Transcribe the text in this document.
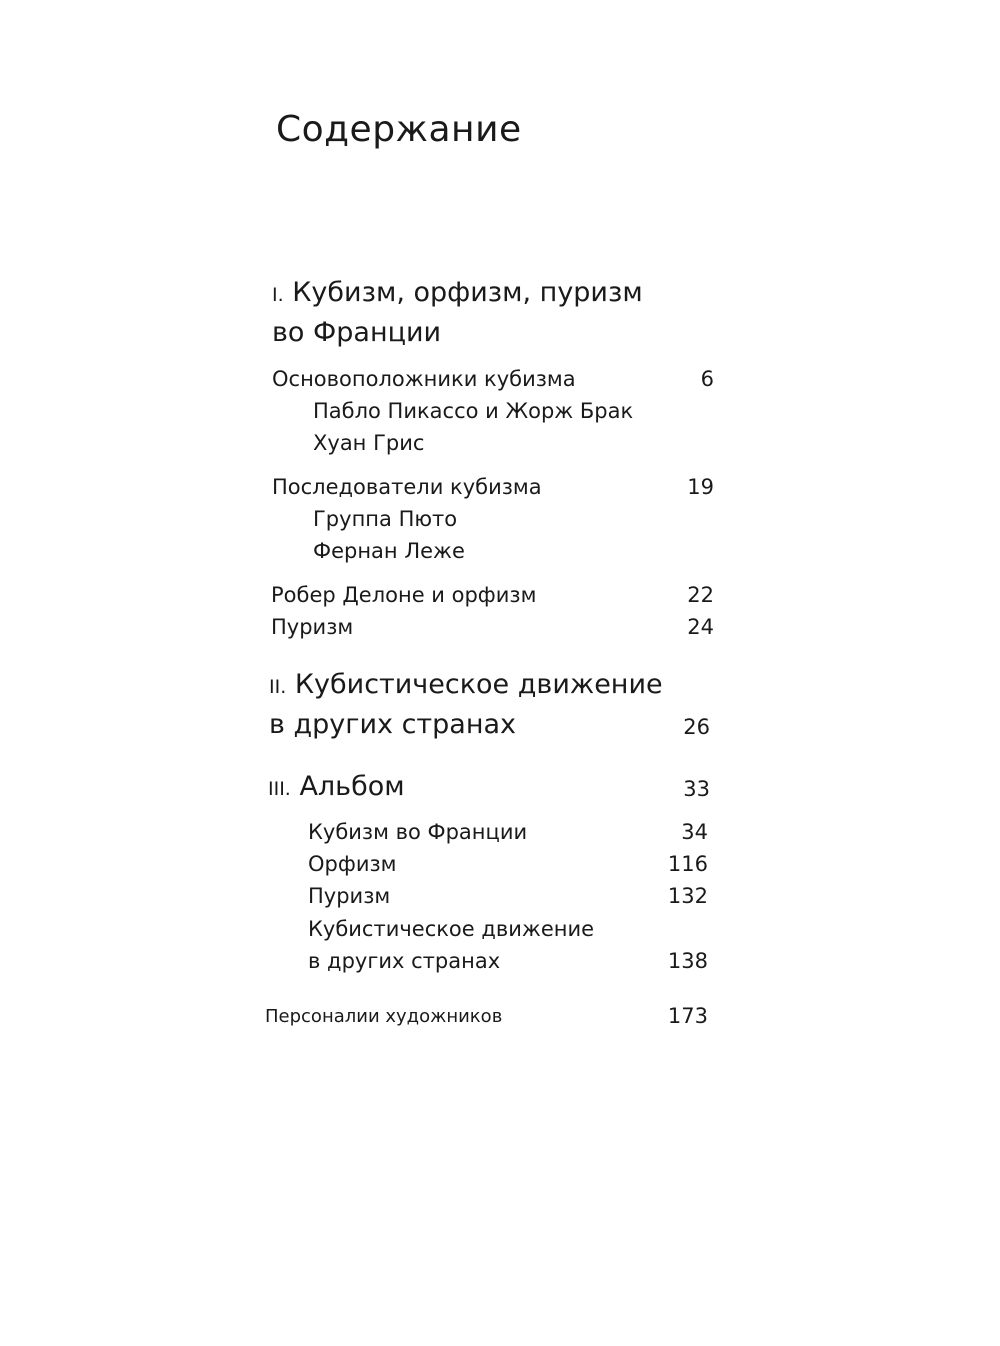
Содержание
I. Кубизм, орфизм, пуризм
во Франции
Основоположники кубизма	6
Пабло Пикассо и Жорж Брак
Хуан Грис
Последователи кубизма	19
Группа Пюто
Фернан Леже
Робер Делоне и орфизм	22
Пуризм	24
II. Кубистическое движение
в других странах	26
III. Альбом	33
Кубизм во Франции	34
Орфизм	116
Пуризм	132
Кубистическое движение
в других странах	138
Персоналии художников	173
